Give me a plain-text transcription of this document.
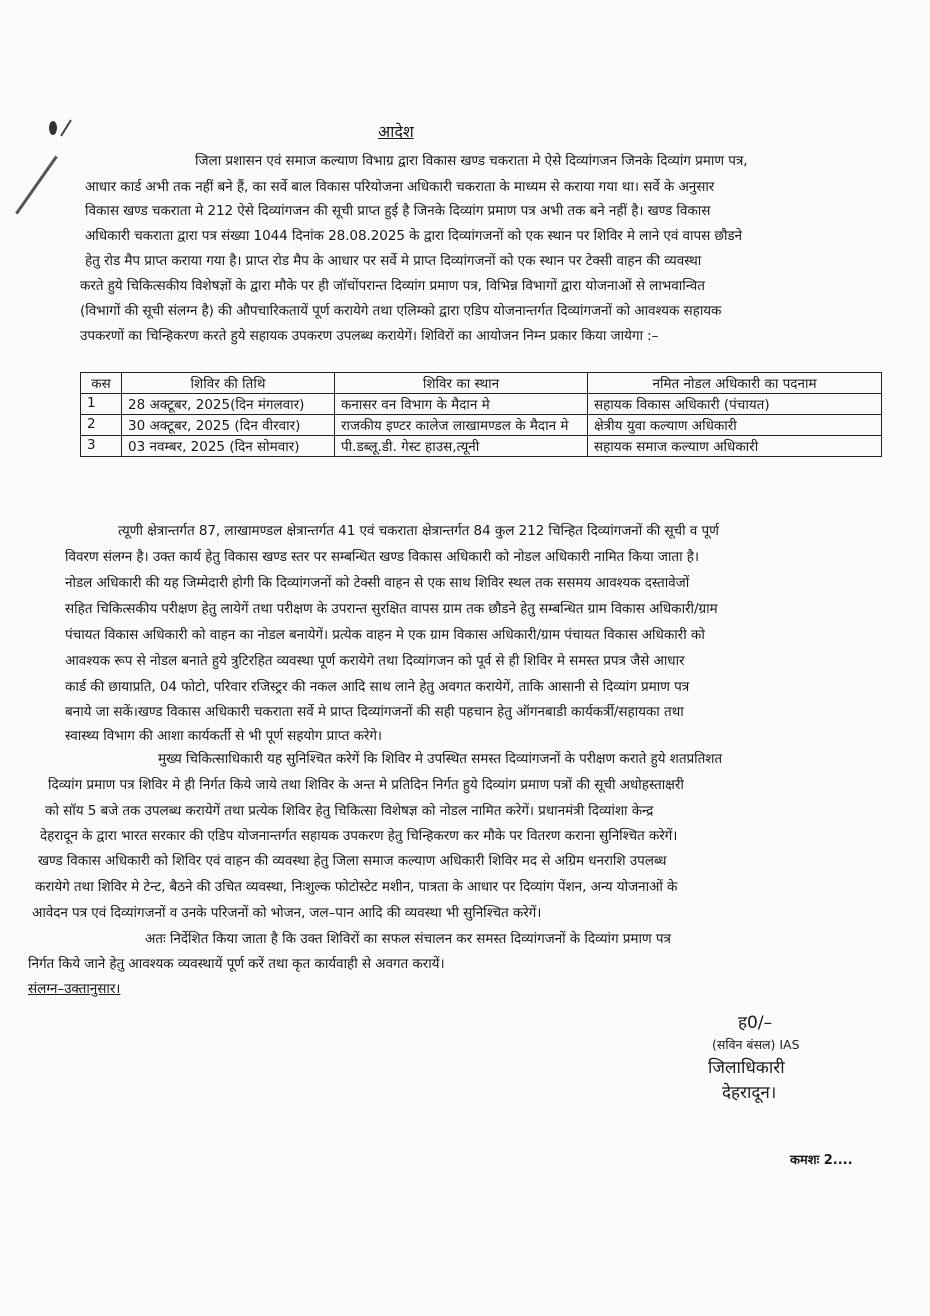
आदेश
जिला प्रशासन एवं समाज कल्याण विभाग्र द्वारा विकास खण्ड चकराता मे ऐसे दिव्यांगजन जिनके दिव्यांग प्रमाण पत्र,
आधार कार्ड अभी तक नहीं बने हैं, का सर्वे बाल विकास परियोजना अधिकारी चकराता के माध्यम से कराया गया था। सर्वे के अनुसार
विकास खण्ड चकराता मे 212 ऐसे दिव्यांगजन की सूची प्राप्त हुई है जिनके दिव्यांग प्रमाण पत्र अभी तक बने नहीं है। खण्ड विकास
अधिकारी चकराता द्वारा पत्र संख्या 1044 दिनांक 28.08.2025 के द्वारा दिव्यांगजनों को एक स्थान पर शिविर मे लाने एवं वापस छौडने
हेतु रोड मैप प्राप्त कराया गया है। प्राप्त रोड मैप के आधार पर सर्वे मे प्राप्त दिव्यांगजनों को एक स्थान पर टेक्सी वाहन की व्यवस्था
करते हुये चिकित्सकीय विशेषज्ञों के द्वारा मौके पर ही जॉचोंपरान्त दिव्यांग प्रमाण पत्र, विभिन्न विभागों द्वारा योजनाओं से लाभवान्वित
(विभागों की सूची संलग्न है) की औपचारिकतायें पूर्ण करायेगे तथा एलिम्को द्वारा एडिप योजनान्तर्गत दिव्यांगजनों को आवश्यक सहायक
उपकरणों का चिन्हिकरण करते हुये सहायक उपकरण उपलब्ध करायेगें। शिविरों का आयोजन निम्न प्रकार किया जायेगा :–
कस	शिविर की तिथि	शिविर का स्थान	नमित नोडल अधिकारी का पदनाम
1	28 अक्टूबर, 2025(दिन मंगलवार)	कनासर वन विभाग के मैदान मे	सहायक विकास अधिकारी (पंचायत)
2	30 अक्टूबर, 2025 (दिन वीरवार)	राजकीय इण्टर कालेज लाखामण्डल के मैदान मे	क्षेत्रीय युवा कल्याण अधिकारी
3	03 नवम्बर, 2025 (दिन सोमवार)	पी.डब्लू.डी. गेस्ट हाउस,त्यूनी	सहायक समाज कल्याण अधिकारी
त्यूणी क्षेत्रान्तर्गत 87, लाखामण्डल क्षेत्रान्तर्गत 41 एवं चकराता क्षेत्रान्तर्गत 84 कुल 212 चिन्हित दिव्यांगजनों की सूची व पूर्ण
विवरण संलग्न है। उक्त कार्य हेतु विकास खण्ड स्तर पर सम्बन्धित खण्ड विकास अधिकारी को नोडल अधिकारी नामित किया जाता है।
नोडल अधिकारी की यह जिम्मेदारी होगी कि दिव्यांगजनों को टेक्सी वाहन से एक साथ शिविर स्थल तक ससमय आवश्यक दस्तावेजों
सहित चिकित्सकीय परीक्षण हेतु लायेगें तथा परीक्षण के उपरान्त सुरक्षित वापस ग्राम तक छौडने हेतु सम्बन्धित ग्राम विकास अधिकारी/ग्राम
पंचायत विकास अधिकारी को वाहन का नोडल बनायेगें। प्रत्येक वाहन मे एक ग्राम विकास अधिकारी/ग्राम पंचायत विकास अधिकारी को
आवश्यक रूप से नोडल बनाते हुये त्रुटिरहित व्यवस्था पूर्ण करायेगे तथा दिव्यांगजन को पूर्व से ही शिविर मे समस्त प्रपत्र जैसे आधार
कार्ड की छायाप्रति, 04 फोटो, परिवार रजिस्ट्रर की नकल आदि साथ लाने हेतु अवगत करायेगें, ताकि आसानी से दिव्यांग प्रमाण पत्र
बनाये जा सकें।खण्ड विकास अधिकारी चकराता सर्वे मे प्राप्त दिव्यांगजनों की सही पहचान हेतु ऑगनबाडी कार्यकर्त्री/सहायका तथा
स्वास्थ्य विभाग की आशा कार्यकर्ती से भी पूर्ण सहयोग प्राप्त करेगे।
मुख्य चिकित्साधिकारी यह सुनिश्चित करेगें कि शिविर मे उपस्थित समस्त दिव्यांगजनों के परीक्षण कराते हुये शतप्रतिशत
दिव्यांग प्रमाण पत्र शिविर मे ही निर्गत किये जाये तथा शिविर के अन्त मे प्रतिदिन निर्गत हुये दिव्यांग प्रमाण पत्रों की सूची अधोहस्ताक्षरी
को सॉय 5 बजे तक उपलब्ध करायेगें तथा प्रत्येक शिविर हेतु चिकित्सा विशेषज्ञ को नोडल नामित करेगें। प्रधानमंत्री दिव्यांशा केन्द्र
देहरादून के द्वारा भारत सरकार की एडिप योजनान्तर्गत सहायक उपकरण हेतु चिन्हिकरण कर मौके पर वितरण कराना सुनिश्चित करेगें।
खण्ड विकास अधिकारी को शिविर एवं वाहन की व्यवस्था हेतु जिला समाज कल्याण अधिकारी शिविर मद से अग्रिम धनराशि उपलब्ध
करायेगे तथा शिविर मे टेन्ट, बैठने की उचित व्यवस्था, निःशुल्क फोटोस्टेट मशीन, पात्रता के आधार पर दिव्यांग पेंशन, अन्य योजनाओं के
आवेदन पत्र एवं दिव्यांगजनों व उनके परिजनों को भोजन, जल–पान आदि की व्यवस्था भी सुनिश्चित करेगें।
अतः निर्देशित किया जाता है कि उक्त शिविरों का सफल संचालन कर समस्त दिव्यांगजनों के दिव्यांग प्रमाण पत्र
निर्गत किये जाने हेतु आवश्यक व्यवस्थायें पूर्ण करें तथा कृत कार्यवाही से अवगत करायें।
संलग्न–उक्तानुसार।
ह0/–
(सविन बंसल) IAS
जिलाधिकारी
देहरादून।
कमशः 2....
